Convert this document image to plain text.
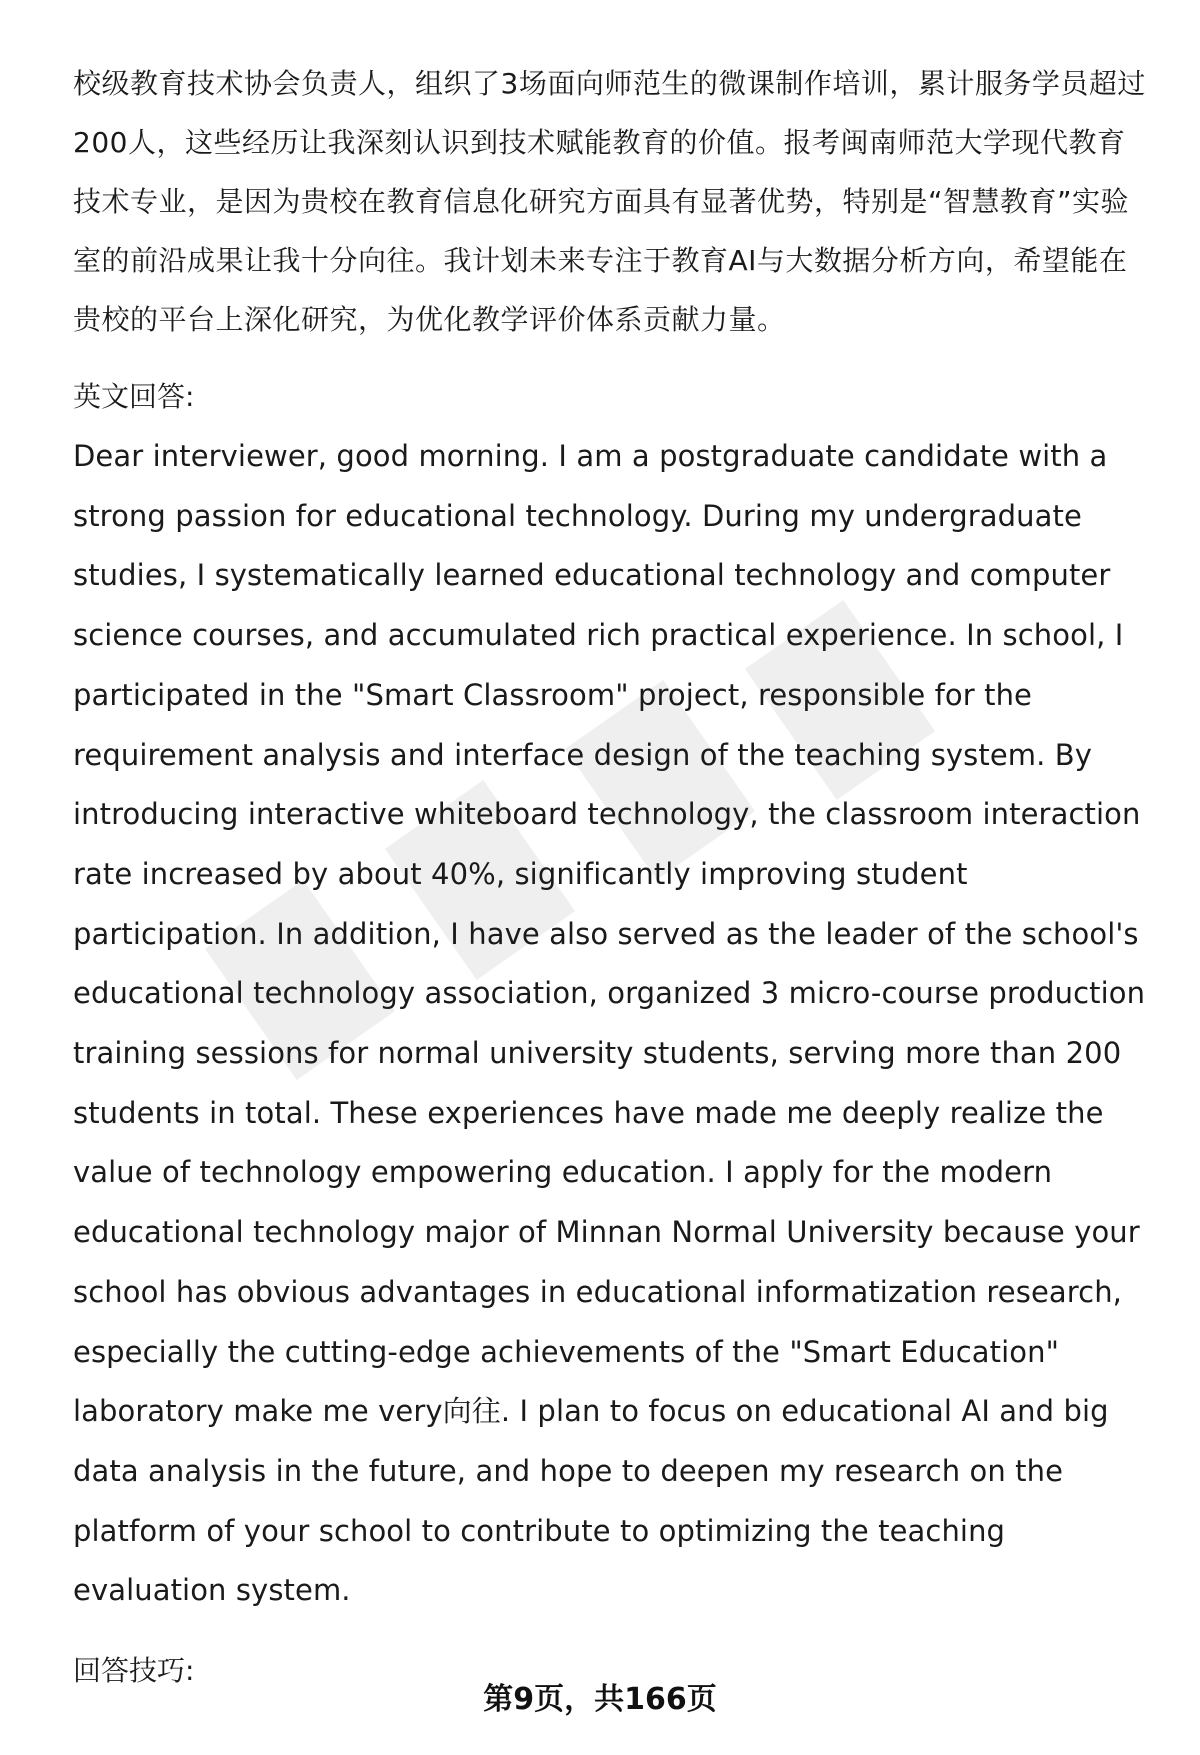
校级教育技术协会负责人，组织了3场面向师范生的微课制作培训，累计服务学员超过200人，这些经历让我深刻认识到技术赋能教育的价值。报考闽南师范大学现代教育技术专业，是因为贵校在教育信息化研究方面具有显著优势，特别是“智慧教育”实验室的前沿成果让我十分向往。我计划未来专注于教育AI与大数据分析方向，希望能在贵校的平台上深化研究，为优化教学评价体系贡献力量。

英文回答:

Dear interviewer, good morning. I am a postgraduate candidate with a strong passion for educational technology. During my undergraduate studies, I systematically learned educational technology and computer science courses, and accumulated rich practical experience. In school, I participated in the "Smart Classroom" project, responsible for the requirement analysis and interface design of the teaching system. By introducing interactive whiteboard technology, the classroom interaction rate increased by about 40%, significantly improving student participation. In addition, I have also served as the leader of the school's educational technology association, organized 3 micro-course production training sessions for normal university students, serving more than 200 students in total. These experiences have made me deeply realize the value of technology empowering education. I apply for the modern educational technology major of Minnan Normal University because your school has obvious advantages in educational informatization research, especially the cutting-edge achievements of the "Smart Education" laboratory make me very向往. I plan to focus on educational AI and big data analysis in the future, and hope to deepen my research on the platform of your school to contribute to optimizing the teaching evaluation system.

回答技巧:
第9页，共166页
